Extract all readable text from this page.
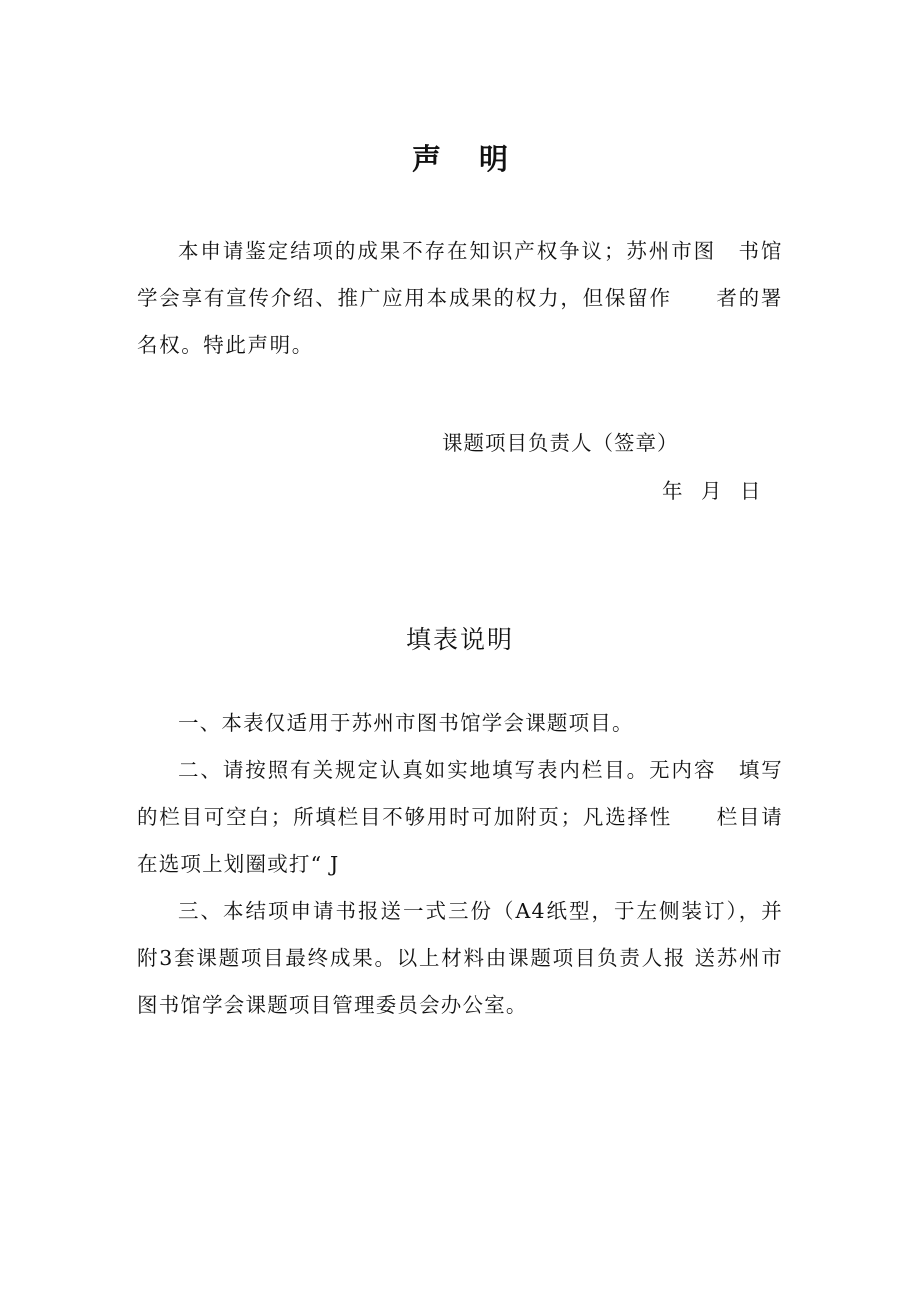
声 明

本申请鉴定结项的成果不存在知识产权争议；苏州市图　书馆学会享有宣传介绍、推广应用本成果的权力，但保留作　　者的署名权。特此声明。

课题项目负责人（签章）
年 月 日
填表说明

一、本表仅适用于苏州市图书馆学会课题项目。

二、请按照有关规定认真如实地填写表内栏目。无内容　填写的栏目可空白；所填栏目不够用时可加附页；凡选择性　　栏目请在选项上划圈或打“ J

三、本结项申请书报送一式三份（A4纸型，于左侧装订），并附3套课题项目最终成果。以上材料由课题项目负责人报 送苏州市图书馆学会课题项目管理委员会办公室。
